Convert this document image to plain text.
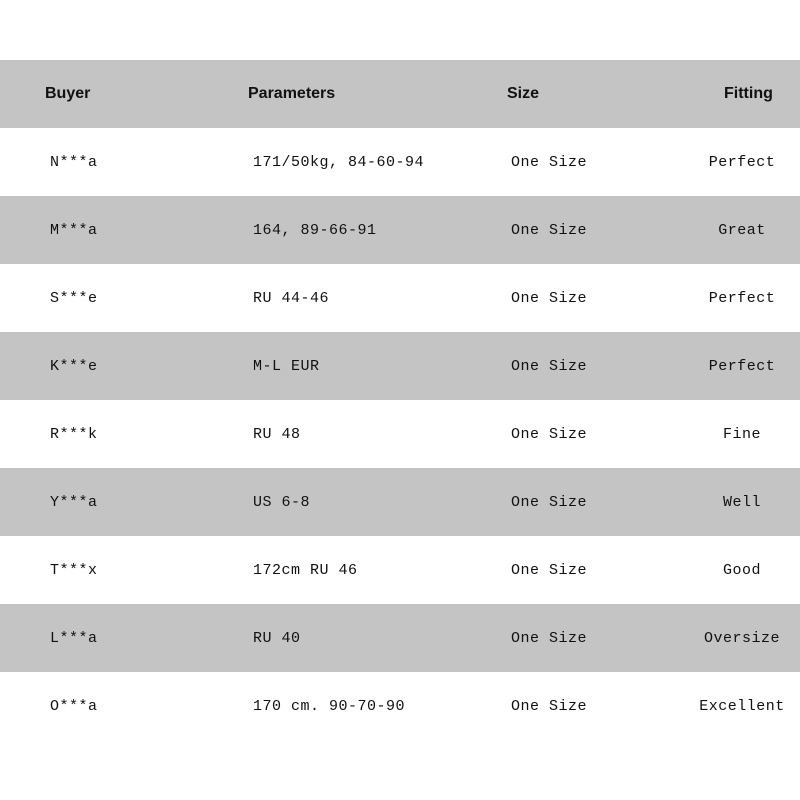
Buyer	Parameters	Size	Fitting
N***a	171/50kg, 84-60-94	One Size	Perfect
M***a	164, 89-66-91	One Size	Great
S***e	RU 44-46	One Size	Perfect
K***e	M-L EUR	One Size	Perfect
R***k	RU 48	One Size	Fine
Y***a	US 6-8	One Size	Well
T***x	172cm RU 46	One Size	Good
L***a	RU 40	One Size	Oversize
O***a	170 cm. 90-70-90	One Size	Excellent
